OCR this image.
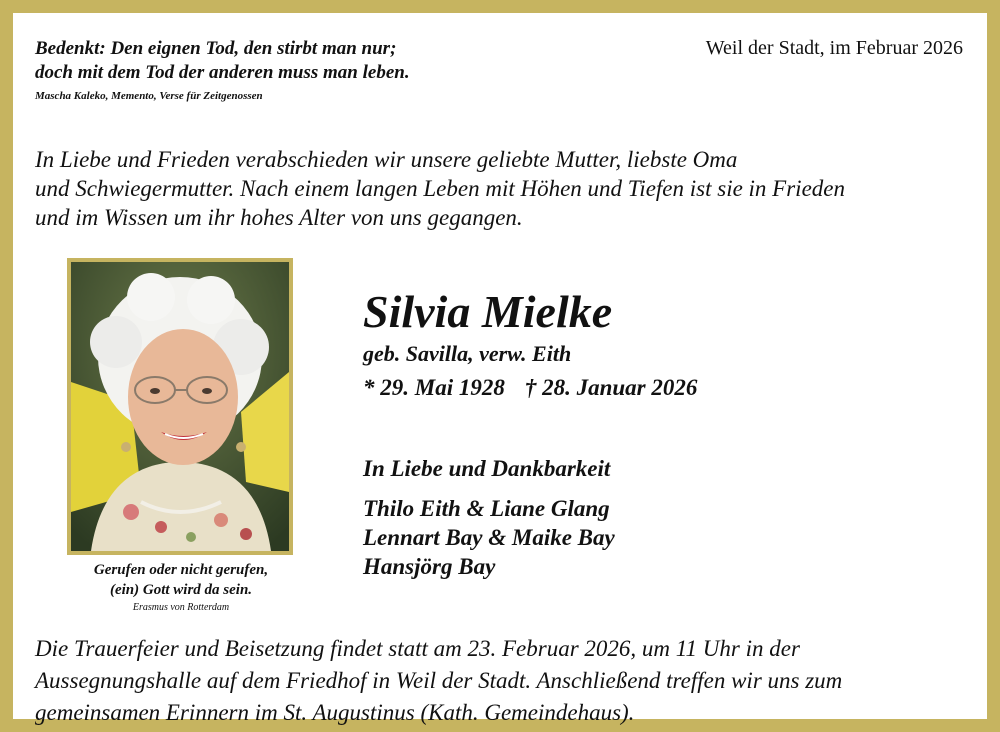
Bedenkt: Den eignen Tod, den stirbt man nur;
doch mit dem Tod der anderen muss man leben.
Mascha Kaleko, Memento, Verse für Zeitgenossen
Weil der Stadt, im Februar 2026
In Liebe und Frieden verabschieden wir unsere geliebte Mutter, liebste Oma
und Schwiegermutter. Nach einem langen Leben mit Höhen und Tiefen ist sie in Frieden
und im Wissen um ihr hohes Alter von uns gegangen.
Gerufen oder nicht gerufen,
(ein) Gott wird da sein.
Erasmus von Rotterdam
Silvia Mielke
geb. Savilla, verw. Eith
* 29. Mai 1928 † 28. Januar 2026
In Liebe und Dankbarkeit
Thilo Eith & Liane Glang
Lennart Bay & Maike Bay
Hansjörg Bay
Die Trauerfeier und Beisetzung findet statt am 23. Februar 2026, um 11 Uhr in der
Aussegnungshalle auf dem Friedhof in Weil der Stadt. Anschließend treffen wir uns zum
gemeinsamen Erinnern im St. Augustinus (Kath. Gemeindehaus).
